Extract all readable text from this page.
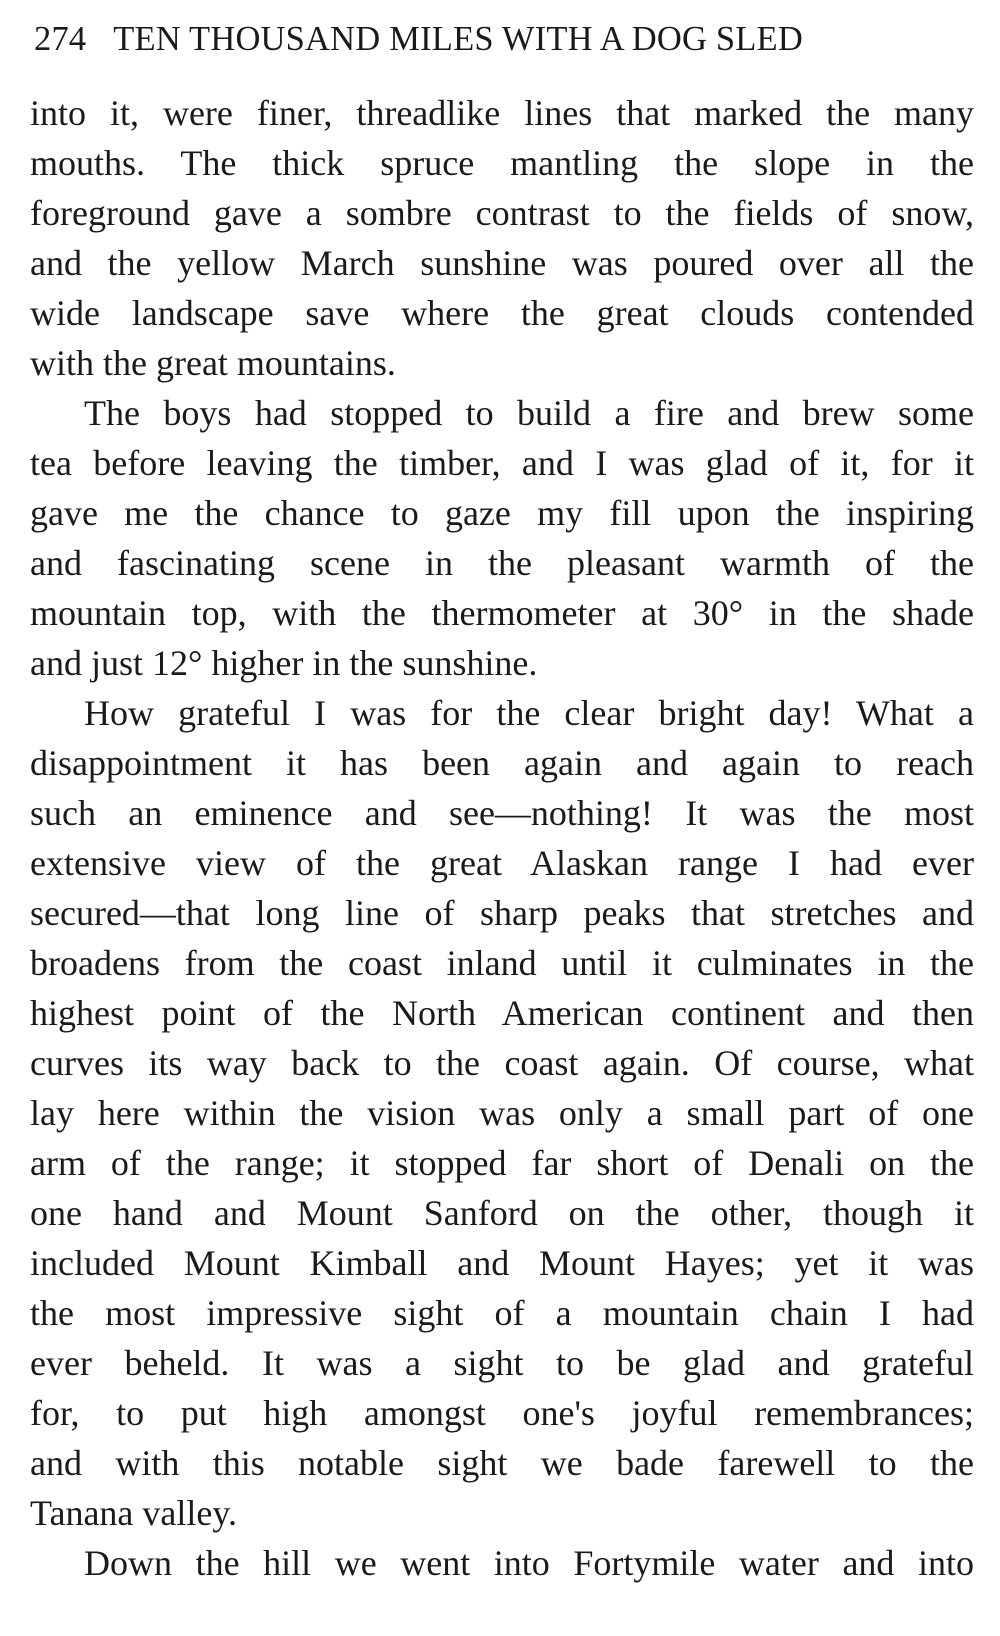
274 TEN THOUSAND MILES WITH A DOG SLED
into it, were finer, threadlike lines that marked the many
mouths. The thick spruce mantling the slope in the
foreground gave a sombre contrast to the fields of snow,
and the yellow March sunshine was poured over all the
wide landscape save where the great clouds contended
with the great mountains.
The boys had stopped to build a fire and brew some
tea before leaving the timber, and I was glad of it, for it
gave me the chance to gaze my fill upon the inspiring
and fascinating scene in the pleasant warmth of the
mountain top, with the thermometer at 30° in the shade
and just 12° higher in the sunshine.
How grateful I was for the clear bright day! What a
disappointment it has been again and again to reach
such an eminence and see—nothing! It was the most
extensive view of the great Alaskan range I had ever
secured—that long line of sharp peaks that stretches and
broadens from the coast inland until it culminates in the
highest point of the North American continent and then
curves its way back to the coast again. Of course, what
lay here within the vision was only a small part of one
arm of the range; it stopped far short of Denali on the
one hand and Mount Sanford on the other, though it
included Mount Kimball and Mount Hayes; yet it was
the most impressive sight of a mountain chain I had
ever beheld. It was a sight to be glad and grateful
for, to put high amongst one's joyful remembrances;
and with this notable sight we bade farewell to the
Tanana valley.
Down the hill we went into Fortymile water and into
